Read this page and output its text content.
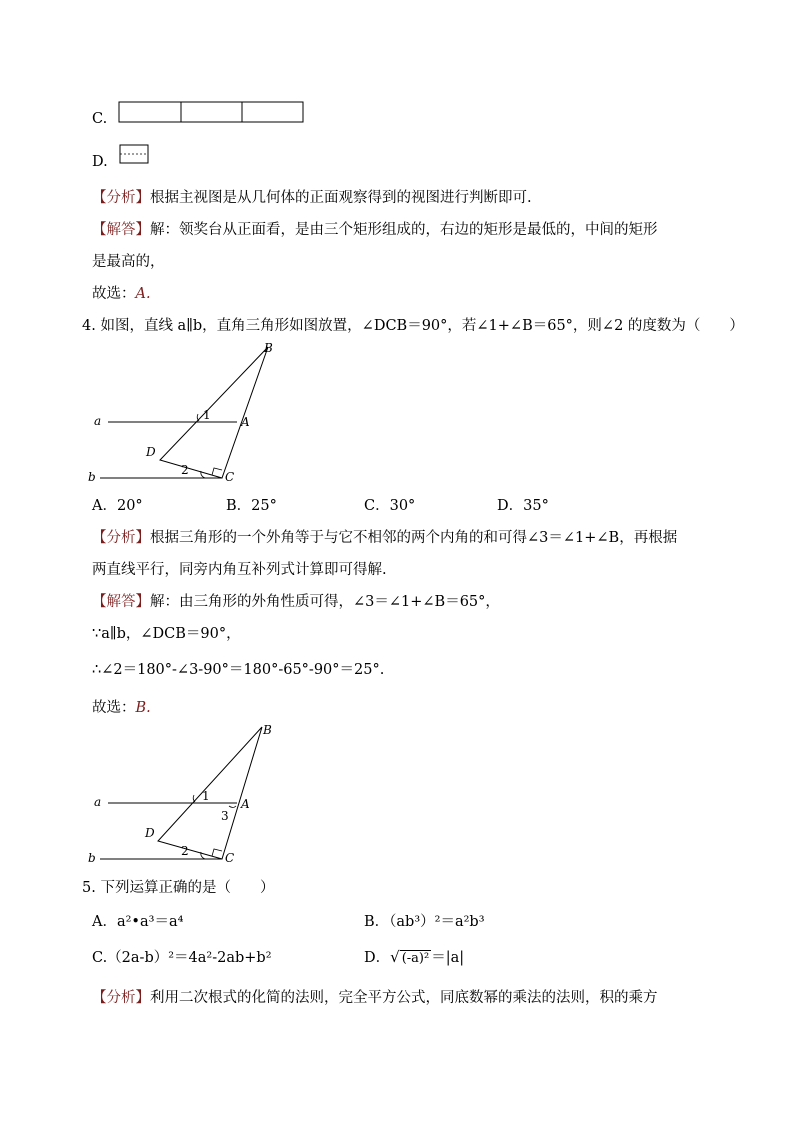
C.
D.
【分析】根据主视图是从几何体的正面观察得到的视图进行判断即可.
【解答】解：领奖台从正面看，是由三个矩形组成的，右边的矩形是最低的，中间的矩形
是最高的，
故选：A.
4. 如图，直线 a∥b，直角三角形如图放置，∠DCB＝90°，若∠1+∠B＝65°，则∠2 的度数为（　　）
a
b
B
A
D
C
1
2
A．20°	B．25°	C．30°	D．35°
【分析】根据三角形的一个外角等于与它不相邻的两个内角的和可得∠3＝∠1+∠B，再根据
两直线平行，同旁内角互补列式计算即可得解.
【解答】解：由三角形的外角性质可得，∠3＝∠1+∠B＝65°，
∵a∥b，∠DCB＝90°，
∴∠2＝180°-∠3-90°＝180°-65°-90°＝25°.
故选：B.
a
b
B
A
D
C
1
3
2
5. 下列运算正确的是（　　）
A．a²•a³＝a⁴	B．（ab³）²＝a²b³
C.（2a-b）²＝4a²-2ab+b²	D．√ (-a)² ＝|a|
【分析】利用二次根式的化简的法则，完全平方公式，同底数幂的乘法的法则，积的乘方
